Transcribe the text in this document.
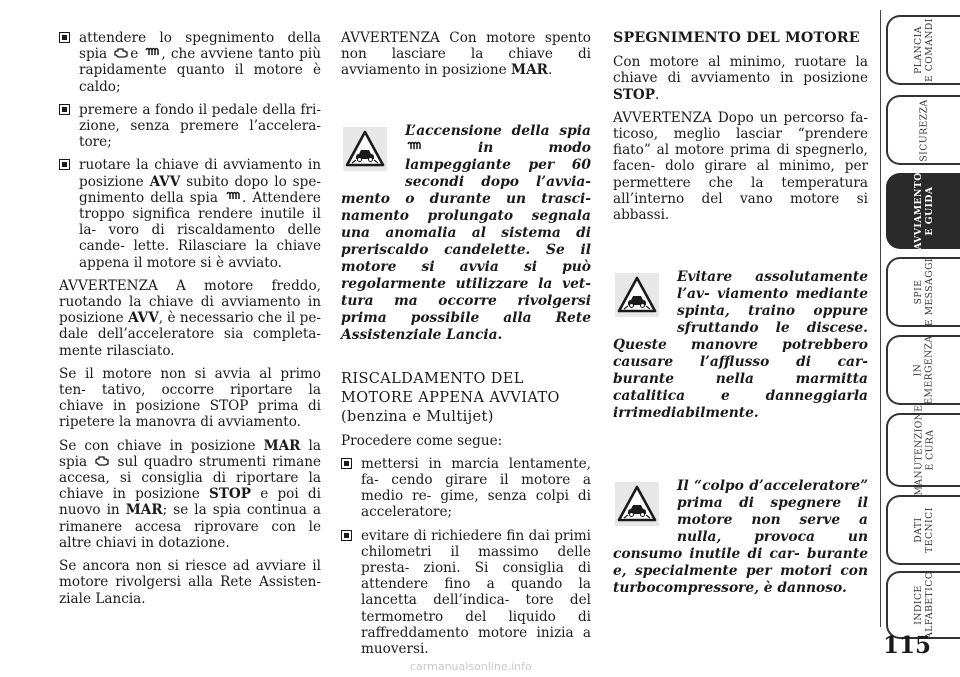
attendere lo spegnimento della spia e , che avviene tanto più rapidamente quanto il motore è caldo;
premere a fondo il pedale della fri- zione, senza premere l’accelera- tore;
ruotare la chiave di avviamento in posizione AVV subito dopo lo spe- gnimento della spia . Attendere troppo significa rendere inutile il la- voro di riscaldamento delle cande- lette. Rilasciare la chiave appena il motore si è avviato.

AVVERTENZA A motore freddo, ruotando la chiave di avviamento in posizione AVV, è necessario che il pe- dale dell’acceleratore sia completa- mente rilasciato.

Se il motore non si avvia al primo ten- tativo, occorre riportare la chiave in posizione STOP prima di ripetere la manovra di avviamento.

Se con chiave in posizione MAR la spia sul quadro strumenti rimane accesa, si consiglia di riportare la chiave in posizione STOP e poi di nuovo in MAR; se la spia continua a rimanere accesa riprovare con le altre chiavi in dotazione.

Se ancora non si riesce ad avviare il motore rivolgersi alla Rete Assisten- ziale Lancia.

AVVERTENZA Con motore spento non lasciare la chiave di avviamento in posizione MAR.

L’accensione della spia  in modo lampeggiante per 60 secondi dopo l’avvia- mento o durante un trasci- namento prolungato segnala una anomalia al sistema di preriscaldo candelette. Se il motore si avvia si può regolarmente utilizzare la vet- tura ma occorre rivolgersi prima possibile alla Rete Assistenziale Lancia.

RISCALDAMENTO DEL
MOTORE APPENA AVVIATO
(benzina e Multijet)

Procedere come segue:

mettersi in marcia lentamente, fa- cendo girare il motore a medio re- gime, senza colpi di acceleratore;
evitare di richiedere fin dai primi chilometri il massimo delle presta- zioni. Si consiglia di attendere fino a quando la lancetta dell’indica- tore del termometro del liquido di raffreddamento motore inizia a muoversi.

SPEGNIMENTO DEL MOTORE

Con motore al minimo, ruotare la chiave di avviamento in posizione STOP.

AVVERTENZA Dopo un percorso fa- ticoso, meglio lasciar “prendere fiato” al motore prima di spegnerlo, facen- dolo girare al minimo, per permettere che la temperatura all’interno del vano motore si abbassi.

Evitare assolutamente l’av- viamento mediante spinta, traino oppure sfruttando le discese. Queste manovre potrebbero causare l’afflusso di car- burante nella marmitta catalitica e danneggiarla irrimediabilmente.
Il “colpo d’acceleratore” prima di spegnere il motore non serve a nulla, provoca un consumo inutile di car- burante e, specialmente per motori con turbocompressore, è dannoso.
PLANCIA
E COMANDI
SICUREZZA
AVVIAMENTO
E GUIDA
SPIE
E MESSAGGI
IN
EMERGENZA
MANUTENZIONE
E CURA
DATI
TECNICI
INDICE
ALFABETICO
115
carmanualsonline.info
